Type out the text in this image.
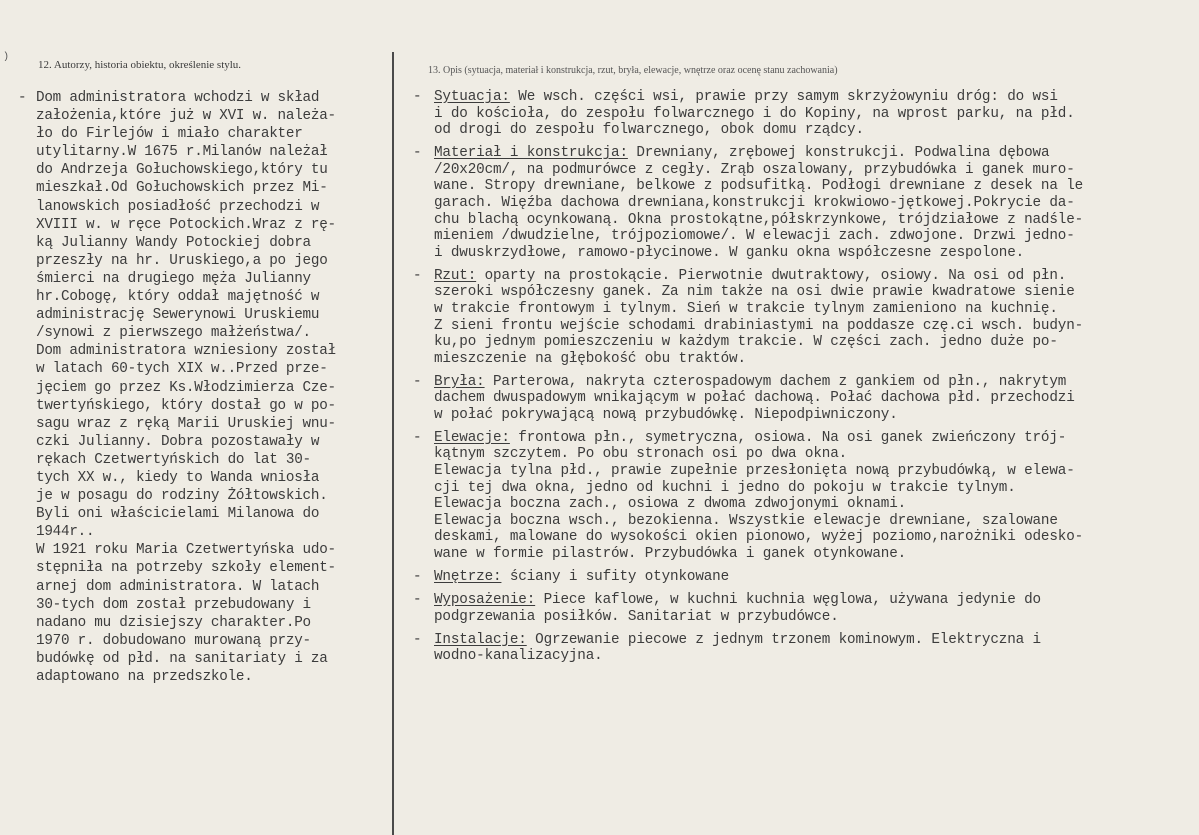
)
12. Autorzy, historia obiektu, określenie stylu.	13. Opis (sytuacja, materiał i konstrukcja, rzut, bryła, elewacje, wnętrze oraz ocenę stanu zachowania)
- Dom administratora wchodzi w skład
założenia,które już w XVI w. należa-
ło do Firlejów i miało charakter
utylitarny.W 1675 r.Milanów należał
do Andrzeja Gołuchowskiego,który tu
mieszkał.Od Gołuchowskich przez Mi-
lanowskich posiadłość przechodzi w
XVIII w. w ręce Potockich.Wraz z rę-
ką Julianny Wandy Potockiej dobra
przeszły na hr. Uruskiego,a po jego
śmierci na drugiego męża Julianny
hr.Cobogę, który oddał majętność w
administrację Sewerynowi Uruskiemu
/synowi z pierwszego małżeństwa/.
Dom administratora wzniesiony został
w latach 60-tych XIX w..Przed prze-
jęciem go przez Ks.Włodzimierza Cze-
twertyńskiego, który dostał go w po-
sagu wraz z ręką Marii Uruskiej wnu-
czki Julianny. Dobra pozostawały w
rękach Czetwertyńskich do lat 30-
tych XX w., kiedy to Wanda wniosła
je w posagu do rodziny Żółtowskich.
Byli oni właścicielami Milanowa do
1944r..
W 1921 roku Maria Czetwertyńska udo-
stępniła na potrzeby szkoły element-
arnej dom administratora. W latach
30-tych dom został przebudowany i
nadano mu dzisiejszy charakter.Po
1970 r. dobudowano murowaną przy-
budówkę od płd. na sanitariaty i za
adaptowano na przedszkole.
- Sytuacja: We wsch. części wsi, prawie przy samym skrzyżowyniu dróg: do wsi
i do kościoła, do zespołu folwarcznego i do Kopiny, na wprost parku, na płd.
od drogi do zespołu folwarcznego, obok domu rządcy.
- Materiał i konstrukcja: Drewniany, zrębowej konstrukcji. Podwalina dębowa
/20x20cm/, na podmurówce z cegły. Zrąb oszalowany, przybudówka i ganek muro-
wane. Stropy drewniane, belkowe z podsufitką. Podłogi drewniane z desek na le
garach. Więźba dachowa drewniana,konstrukcji krokwiowo-jętkowej.Pokrycie da-
chu blachą ocynkowaną. Okna prostokątne,półskrzynkowe, trójdziałowe z nadśle-
mieniem /dwudzielne, trójpoziomowe/. W elewacji zach. zdwojone. Drzwi jedno-
i dwuskrzydłowe, ramowo-płycinowe. W ganku okna współczesne zespolone.
- Rzut: oparty na prostokącie. Pierwotnie dwutraktowy, osiowy. Na osi od płn.
szeroki współczesny ganek. Za nim także na osi dwie prawie kwadratowe sienie
w trakcie frontowym i tylnym. Sień w trakcie tylnym zamieniono na kuchnię.
Z sieni frontu wejście schodami drabiniastymi na poddasze czę.ci wsch. budyn-
ku,po jednym pomieszczeniu w każdym trakcie. W części zach. jedno duże po-
mieszczenie na głębokość obu traktów.
- Bryła: Parterowa, nakryta czterospadowym dachem z gankiem od płn., nakrytym
dachem dwuspadowym wnikającym w połać dachową. Połać dachowa płd. przechodzi
w połać pokrywającą nową przybudówkę. Niepodpiwniczony.
- Elewacje: frontowa płn., symetryczna, osiowa. Na osi ganek zwieńczony trój-
kątnym szczytem. Po obu stronach osi po dwa okna.
Elewacja tylna płd., prawie zupełnie przesłonięta nową przybudówką, w elewa-
cji tej dwa okna, jedno od kuchni i jedno do pokoju w trakcie tylnym.
Elewacja boczna zach., osiowa z dwoma zdwojonymi oknami.
Elewacja boczna wsch., bezokienna. Wszystkie elewacje drewniane, szalowane
deskami, malowane do wysokości okien pionowo, wyżej poziomo,narożniki odesko-
wane w formie pilastrów. Przybudówka i ganek otynkowane.
- Wnętrze: ściany i sufity otynkowane
- Wyposażenie: Piece kaflowe, w kuchni kuchnia węglowa, używana jedynie do
podgrzewania posiłków. Sanitariat w przybudówce.
- Instalacje: Ogrzewanie piecowe z jednym trzonem kominowym. Elektryczna i
wodno-kanalizacyjna.
